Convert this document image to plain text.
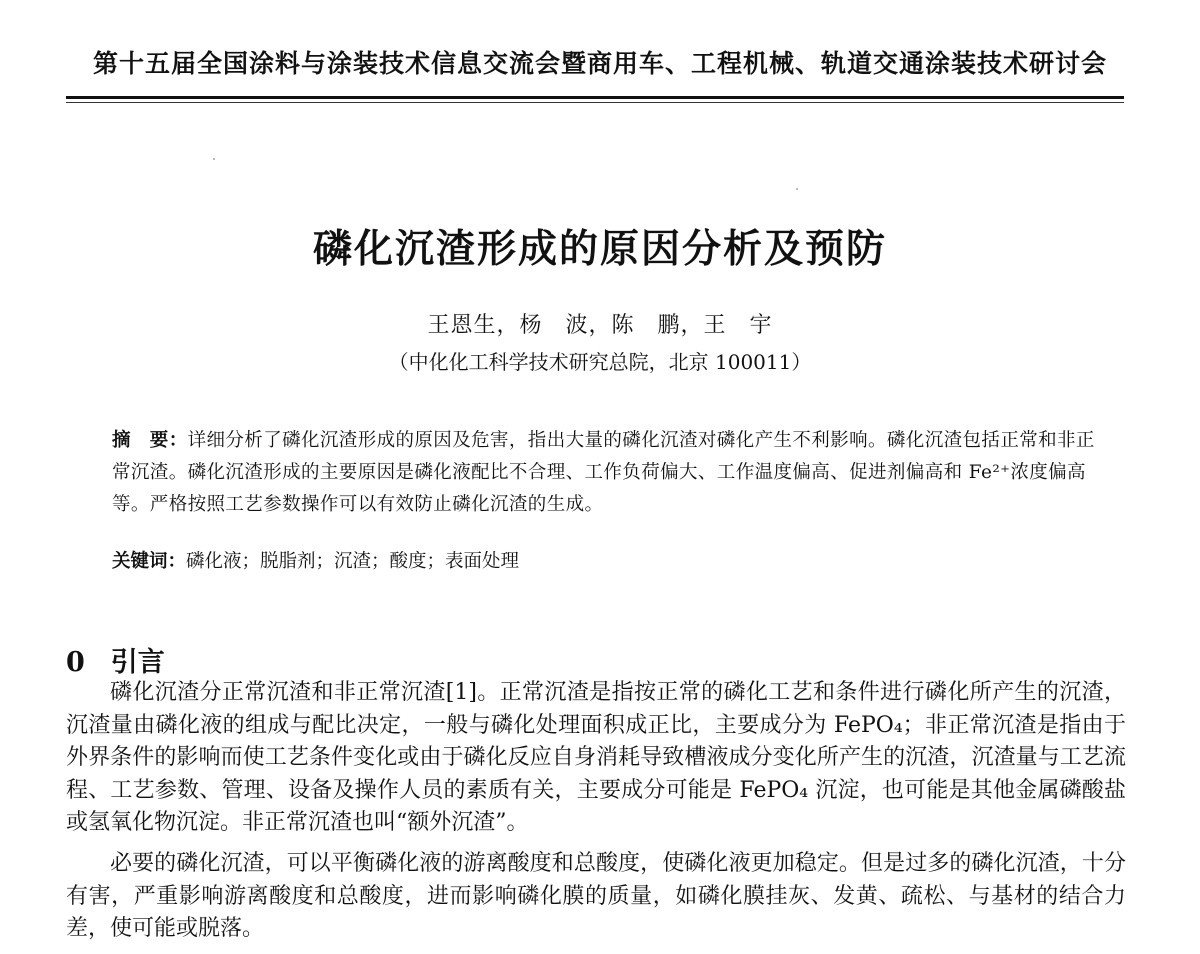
第十五届全国涂料与涂装技术信息交流会暨商用车、工程机械、轨道交通涂装技术研讨会
磷化沉渣形成的原因分析及预防
王恩生，杨　波，陈　鹏，王　宇
（中化化工科学技术研究总院，北京 100011）
摘　要：详细分析了磷化沉渣形成的原因及危害，指出大量的磷化沉渣对磷化产生不利影响。磷化沉渣包括正常和非正常沉渣。磷化沉渣形成的主要原因是磷化液配比不合理、工作负荷偏大、工作温度偏高、促进剂偏高和 Fe²⁺浓度偏高等。严格按照工艺参数操作可以有效防止磷化沉渣的生成。
关键词：磷化液；脱脂剂；沉渣；酸度；表面处理
0 引言

磷化沉渣分正常沉渣和非正常沉渣[1]。正常沉渣是指按正常的磷化工艺和条件进行磷化所产生的沉渣，沉渣量由磷化液的组成与配比决定，一般与磷化处理面积成正比，主要成分为 FePO₄；非正常沉渣是指由于外界条件的影响而使工艺条件变化或由于磷化反应自身消耗导致槽液成分变化所产生的沉渣，沉渣量与工艺流程、工艺参数、管理、设备及操作人员的素质有关，主要成分可能是 FePO₄ 沉淀，也可能是其他金属磷酸盐或氢氧化物沉淀。非正常沉渣也叫“额外沉渣”。

必要的磷化沉渣，可以平衡磷化液的游离酸度和总酸度，使磷化液更加稳定。但是过多的磷化沉渣，十分有害，严重影响游离酸度和总酸度，进而影响磷化膜的质量，如磷化膜挂灰、发黄、疏松、与基材的结合力差，使可能或脱落。
